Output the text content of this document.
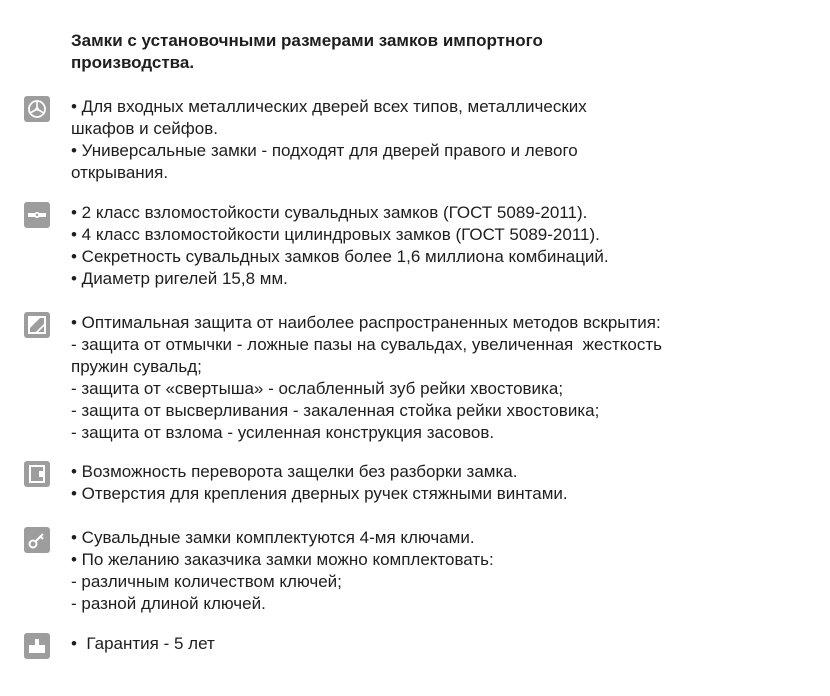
Замки с установочными размерами замков импортного
производства.
• Для входных металлических дверей всех типов, металлических
шкафов и сейфов.
• Универсальные замки - подходят для дверей правого и левого
открывания.
• 2 класс взломостойкости сувальдных замков (ГОСТ 5089-2011).
• 4 класс взломостойкости цилиндровых замков (ГОСТ 5089-2011).
• Секретность сувальдных замков более 1,6 миллиона комбинаций.
• Диаметр ригелей 15,8 мм.
• Оптимальная защита от наиболее распространенных методов вскрытия:
- защита от отмычки - ложные пазы на сувальдах, увеличенная  жесткость
пружин сувальд;
- защита от «свертыша» - ослабленный зуб рейки хвостовика;
- защита от высверливания - закаленная стойка рейки хвостовика;
- защита от взлома - усиленная конструкция засовов.
• Возможность переворота защелки без разборки замка.
• Отверстия для крепления дверных ручек стяжными винтами.
• Сувальдные замки комплектуются 4-мя ключами.
• По желанию заказчика замки можно комплектовать:
- различным количеством ключей;
- разной длиной ключей.
•  Гарантия - 5 лет
